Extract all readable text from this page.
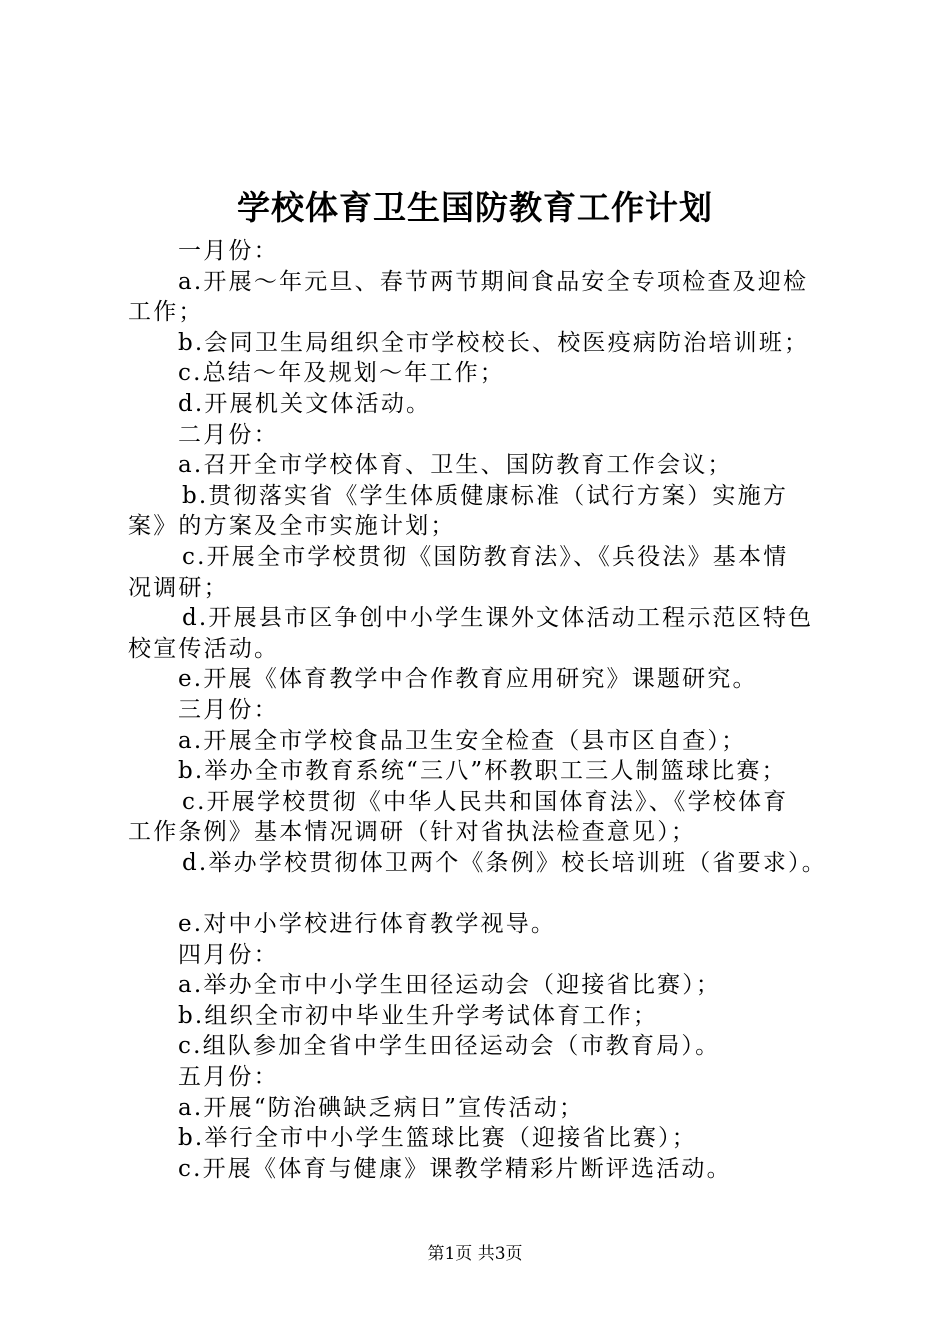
学校体育卫生国防教育工作计划
一月份：
a.开展～年元旦、春节两节期间食品安全专项检查及迎检
工作；
b.会同卫生局组织全市学校校长、校医疫病防治培训班；
c.总结～年及规划～年工作；
d.开展机关文体活动。
二月份：
a.召开全市学校体育、卫生、国防教育工作会议；
b.贯彻落实省《学生体质健康标准（试行方案）实施方
案》的方案及全市实施计划；
c.开展全市学校贯彻《国防教育法》、《兵役法》基本情
况调研；
d.开展县市区争创中小学生课外文体活动工程示范区特色
校宣传活动。
e.开展《体育教学中合作教育应用研究》课题研究。
三月份：
a.开展全市学校食品卫生安全检查（县市区自查）；
b.举办全市教育系统“三八”杯教职工三人制篮球比赛；
c.开展学校贯彻《中华人民共和国体育法》、《学校体育
工作条例》基本情况调研（针对省执法检查意见）；
d.举办学校贯彻体卫两个《条例》校长培训班（省要求）。
e.对中小学校进行体育教学视导。
四月份：
a.举办全市中小学生田径运动会（迎接省比赛）；
b.组织全市初中毕业生升学考试体育工作；
c.组队参加全省中学生田径运动会（市教育局）。
五月份：
a.开展“防治碘缺乏病日”宣传活动；
b.举行全市中小学生篮球比赛（迎接省比赛）；
c.开展《体育与健康》课教学精彩片断评选活动。
第1页 共3页
